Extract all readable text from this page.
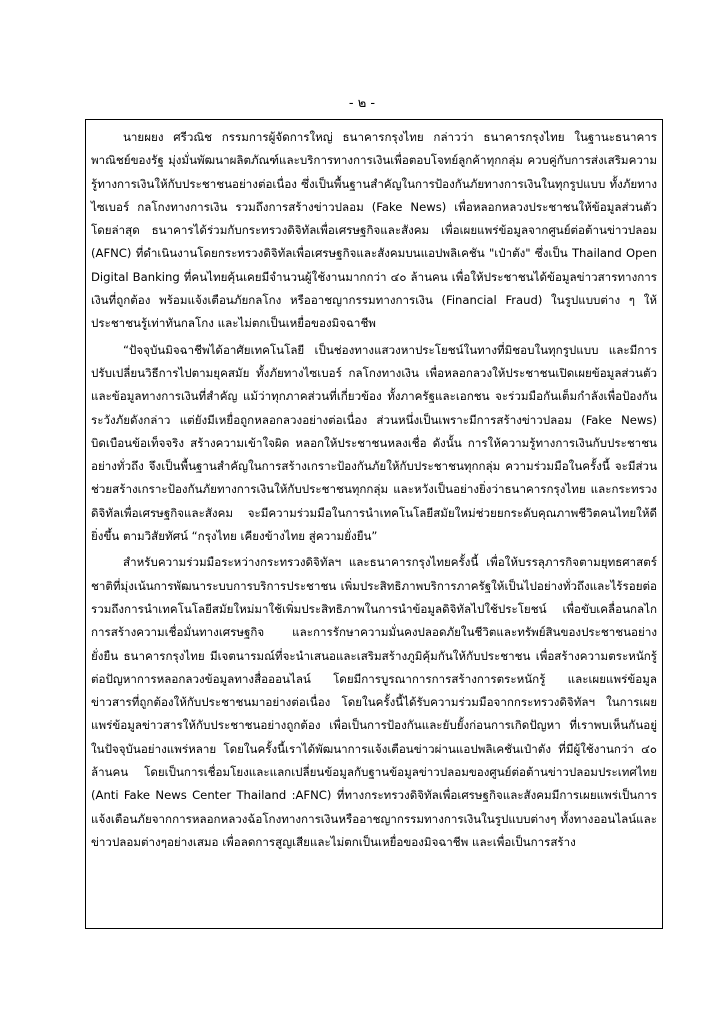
- ๒ -

นายผยง ศรีวณิช กรรมการผู้จัดการใหญ่ ธนาคารกรุงไทย กล่าวว่า ธนาคารกรุงไทย ในฐานะธนาคารพาณิชย์ของรัฐ มุ่งมั่นพัฒนาผลิตภัณฑ์และบริการทางการเงินเพื่อตอบโจทย์ลูกค้าทุกกลุ่ม ควบคู่กับการส่งเสริมความรู้ทางการเงินให้กับประชาชนอย่างต่อเนื่อง ซึ่งเป็นพื้นฐานสำคัญในการป้องกันภัยทางการเงินในทุกรูปแบบ ทั้งภัยทางไซเบอร์ กลโกงทางการเงิน รวมถึงการสร้างข่าวปลอม (Fake News) เพื่อหลอกหลวงประชาชนให้ข้อมูลส่วนตัว โดยล่าสุด ธนาคารได้ร่วมกับกระทรวงดิจิทัลเพื่อเศรษฐกิจและสังคม เพื่อเผยแพร่ข้อมูลจากศูนย์ต่อต้านข่าวปลอม (AFNC) ที่ดำเนินงานโดยกระทรวงดิจิทัลเพื่อเศรษฐกิจและสังคมบนแอปพลิเคชัน "เป๋าตัง" ซึ่งเป็น Thailand Open Digital Banking ที่คนไทยคุ้นเคยมีจำนวนผู้ใช้งานมากกว่า ๔๐ ล้านคน เพื่อให้ประชาชนได้ข้อมูลข่าวสารทางการเงินที่ถูกต้อง พร้อมแจ้งเตือนภัยกลโกง หรืออาชญากรรมทางการเงิน (Financial Fraud) ในรูปแบบต่าง ๆ ให้ประชาชนรู้เท่าทันกลโกง และไม่ตกเป็นเหยื่อของมิจฉาชีพ

“ปัจจุบันมิจฉาชีพได้อาศัยเทคโนโลยี เป็นช่องทางแสวงหาประโยชน์ในทางที่มิชอบในทุกรูปแบบ และมีการปรับเปลี่ยนวิธีการไปตามยุคสมัย ทั้งภัยทางไซเบอร์ กลโกงทางเงิน เพื่อหลอกลวงให้ประชาชนเปิดเผยข้อมูลส่วนตัว และข้อมูลทางการเงินที่สำคัญ แม้ว่าทุกภาคส่วนที่เกี่ยวข้อง ทั้งภาครัฐและเอกชน จะร่วมมือกันเต็มกำลังเพื่อป้องกันระวังภัยดังกล่าว แต่ยังมีเหยื่อถูกหลอกลวงอย่างต่อเนื่อง ส่วนหนึ่งเป็นเพราะมีการสร้างข่าวปลอม (Fake News) บิดเบือนข้อเท็จจริง สร้างความเข้าใจผิด หลอกให้ประชาชนหลงเชื่อ ดังนั้น การให้ความรู้ทางการเงินกับประชาชนอย่างทั่วถึง จึงเป็นพื้นฐานสำคัญในการสร้างเกราะป้องกันภัยให้กับประชาชนทุกกลุ่ม ความร่วมมือในครั้งนี้ จะมีส่วนช่วยสร้างเกราะป้องกันภัยทางการเงินให้กับประชาชนทุกกลุ่ม และหวังเป็นอย่างยิ่งว่าธนาคารกรุงไทย และกระทรวงดิจิทัลเพื่อเศรษฐกิจและสังคม จะมีความร่วมมือในการนำเทคโนโลยีสมัยใหม่ช่วยยกระดับคุณภาพชีวิตคนไทยให้ดียิ่งขึ้น ตามวิสัยทัศน์ “กรุงไทย เคียงข้างไทย สู่ความยั่งยืน”

สำหรับความร่วมมือระหว่างกระทรวงดิจิทัลฯ และธนาคารกรุงไทยครั้งนี้ เพื่อให้บรรลุภารกิจตามยุทธศาสตร์ชาติที่มุ่งเน้นการพัฒนาระบบการบริการประชาชน เพิ่มประสิทธิภาพบริการภาครัฐให้เป็นไปอย่างทั่วถึงและไร้รอยต่อ รวมถึงการนำเทคโนโลยีสมัยใหม่มาใช้เพิ่มประสิทธิภาพในการนำข้อมูลดิจิทัลไปใช้ประโยชน์ เพื่อขับเคลื่อนกลไกการสร้างความเชื่อมั่นทางเศรษฐกิจ และการรักษาความมั่นคงปลอดภัยในชีวิตและทรัพย์สินของประชาชนอย่างยั่งยืน ธนาคารกรุงไทย มีเจตนารมณ์ที่จะนำเสนอและเสริมสร้างภูมิคุ้มกันให้กับประชาชน เพื่อสร้างความตระหนักรู้ต่อปัญหาการหลอกลวงข้อมูลทางสื่อออนไลน์ โดยมีการบูรณาการการสร้างการตระหนักรู้ และเผยแพร่ข้อมูลข่าวสารที่ถูกต้องให้กับประชาชนมาอย่างต่อเนื่อง โดยในครั้งนี้ได้รับความร่วมมือจากกระทรวงดิจิทัลฯ ในการเผยแพร่ข้อมูลข่าวสารให้กับประชาชนอย่างถูกต้อง เพื่อเป็นการป้องกันและยับยั้งก่อนการเกิดปัญหา ที่เราพบเห็นกันอยู่ในปัจจุบันอย่างแพร่หลาย โดยในครั้งนี้เราได้พัฒนาการแจ้งเตือนข่าวผ่านแอปพลิเคชันเป๋าตัง ที่มีผู้ใช้งานกว่า ๔๐ ล้านคน โดยเป็นการเชื่อมโยงและแลกเปลี่ยนข้อมูลกับฐานข้อมูลข่าวปลอมของศูนย์ต่อต้านข่าวปลอมประเทศไทย (Anti Fake News Center Thailand :AFNC) ที่ทางกระทรวงดิจิทัลเพื่อเศรษฐกิจและสังคมมีการเผยแพร่เป็นการแจ้งเตือนภัยจากการหลอกหลวงฉ้อโกงทางการเงินหรืออาชญากรรมทางการเงินในรูปแบบต่างๆ ทั้งทางออนไลน์และข่าวปลอมต่างๆอย่างเสมอ เพื่อลดการสูญเสียและไม่ตกเป็นเหยื่อของมิจฉาชีพ และเพื่อเป็นการสร้าง
